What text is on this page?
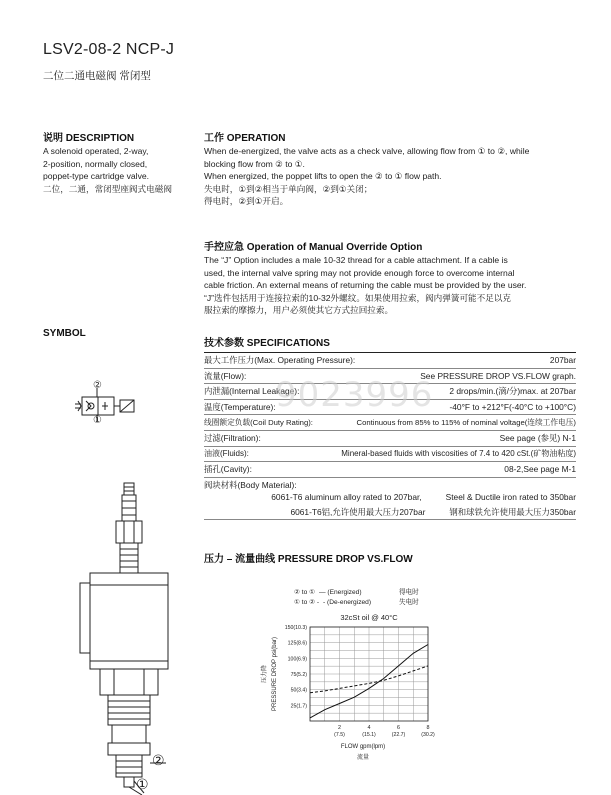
LSV2-08-2 NCP-J
二位二通电磁阀 常闭型
说明 DESCRIPTION

A solenoid operated, 2-way,

2-position, normally closed,

poppet-type cartridge valve.

二位，二通，常闭型座阀式电磁阀

工作 OPERATION

When de-energized, the valve acts as a check valve, allowing flow from ① to ②, while

blocking flow from ② to ①.

When energized, the poppet lifts to open the ② to ① flow path.

失电时，①到②相当于单向阀，②到①关闭；

得电时，②到①开启。

手控应急 Operation of Manual Override Option

The “J” Option includes a male 10-32 thread for a cable attachment. If a cable is

used, the internal valve spring may not provide enough force to overcome internal

cable friction. An external means of returning the cable must be provided by the user.

“J”选件包括用于连接拉索的10-32外螺纹。如果使用拉索，阀内弹簧可能不足以克

服拉索的摩擦力，用户必须使其它方式拉回拉索。

SYMBOL
②
①
技术参数 SPECIFICATIONS
最大工作压力(Max. Operating Pressure):	207bar
流量(Flow):	See PRESSURE DROP VS.FLOW graph.
内泄漏(Internal Leakage):	2 drops/min.(滴/分)max. at 207bar
温度(Temperature):	-40°F to +212°F(-40°C to +100°C)
线圈额定负载(Coil Duty Rating):	Continuous from 85% to 115% of nominal voltage(连续工作电压)
过滤(Filtration):	See page (参见) N-1
油液(Fluids):	Mineral-based fluids with viscosities of 7.4 to 420 cSt.(矿物油粘度)
插孔(Cavity):	08-2,See page M-1
阀块材料(Body Material):
6061-T6 aluminum alloy rated to 207bar,	Steel & Ductile iron rated to 350bar
6061-T6铝,允许使用最大压力207bar	钢和球铁允许使用最大压力350bar
9023996
②
①
压力 – 流量曲线 PRESSURE DROP VS.FLOW
② to ① — (Energized)	得电时
① to ② - - (De-energized)	失电时
32cSt oil @ 40°C
25(1.7)
50(3.4)
75(5.2)
100(6.9)
125(8.6)
150(10.3)
2
(7.5)
4
(15.1)
6
(22.7)
8
(30.2)
FLOW gpm(lpm)
流量
PRESSURE DROP psi(bar)
压力降
